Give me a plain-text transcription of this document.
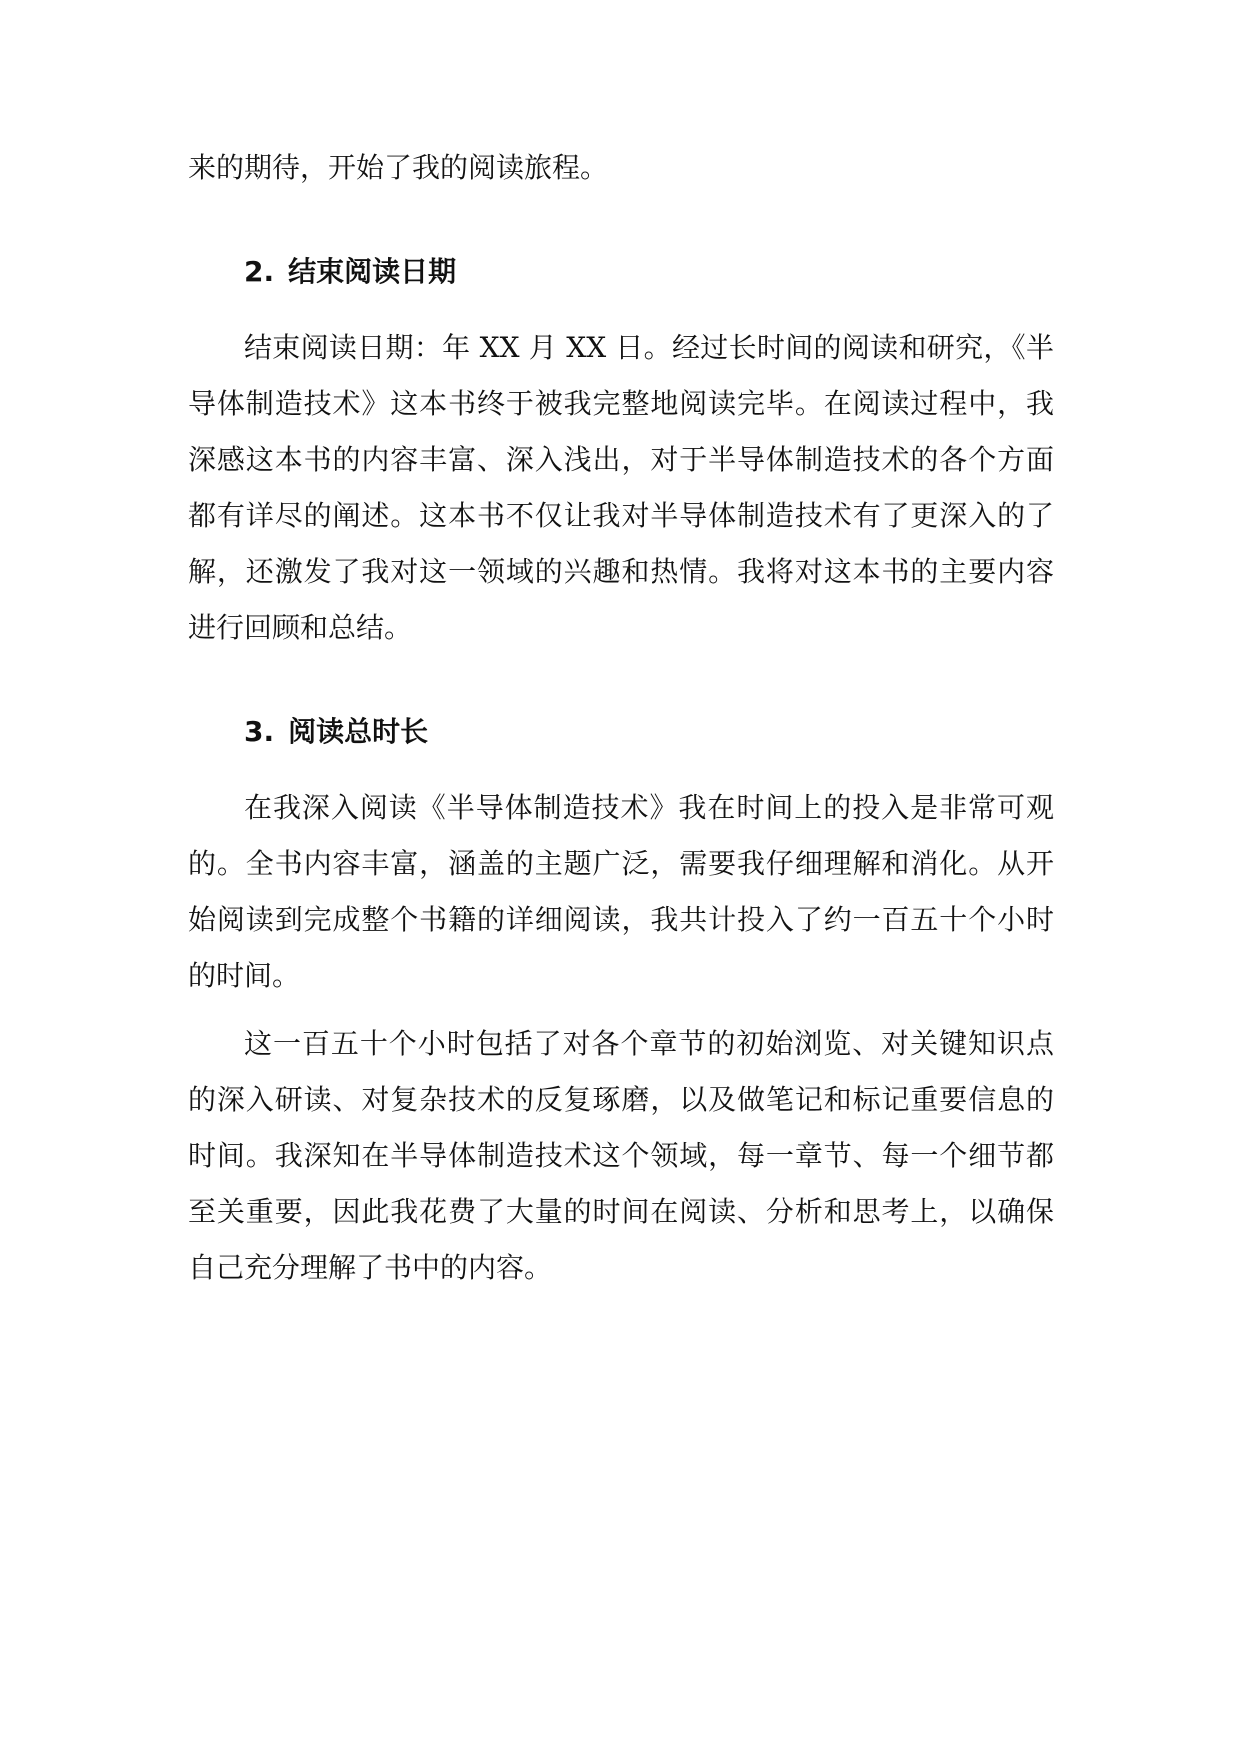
来的期待，开始了我的阅读旅程。

2. 结束阅读日期

结束阅读日期：年 XX 月 XX 日。经过长时间的阅读和研究，《半导体制造技术》这本书终于被我完整地阅读完毕。在阅读过程中，我深感这本书的内容丰富、深入浅出，对于半导体制造技术的各个方面都有详尽的阐述。这本书不仅让我对半导体制造技术有了更深入的了解，还激发了我对这一领域的兴趣和热情。我将对这本书的主要内容进行回顾和总结。

3. 阅读总时长

在我深入阅读《半导体制造技术》我在时间上的投入是非常可观的。全书内容丰富，涵盖的主题广泛，需要我仔细理解和消化。从开始阅读到完成整个书籍的详细阅读，我共计投入了约一百五十个小时的时间。

这一百五十个小时包括了对各个章节的初始浏览、对关键知识点的深入研读、对复杂技术的反复琢磨，以及做笔记和标记重要信息的时间。我深知在半导体制造技术这个领域，每一章节、每一个细节都至关重要，因此我花费了大量的时间在阅读、分析和思考上，以确保自己充分理解了书中的内容。
